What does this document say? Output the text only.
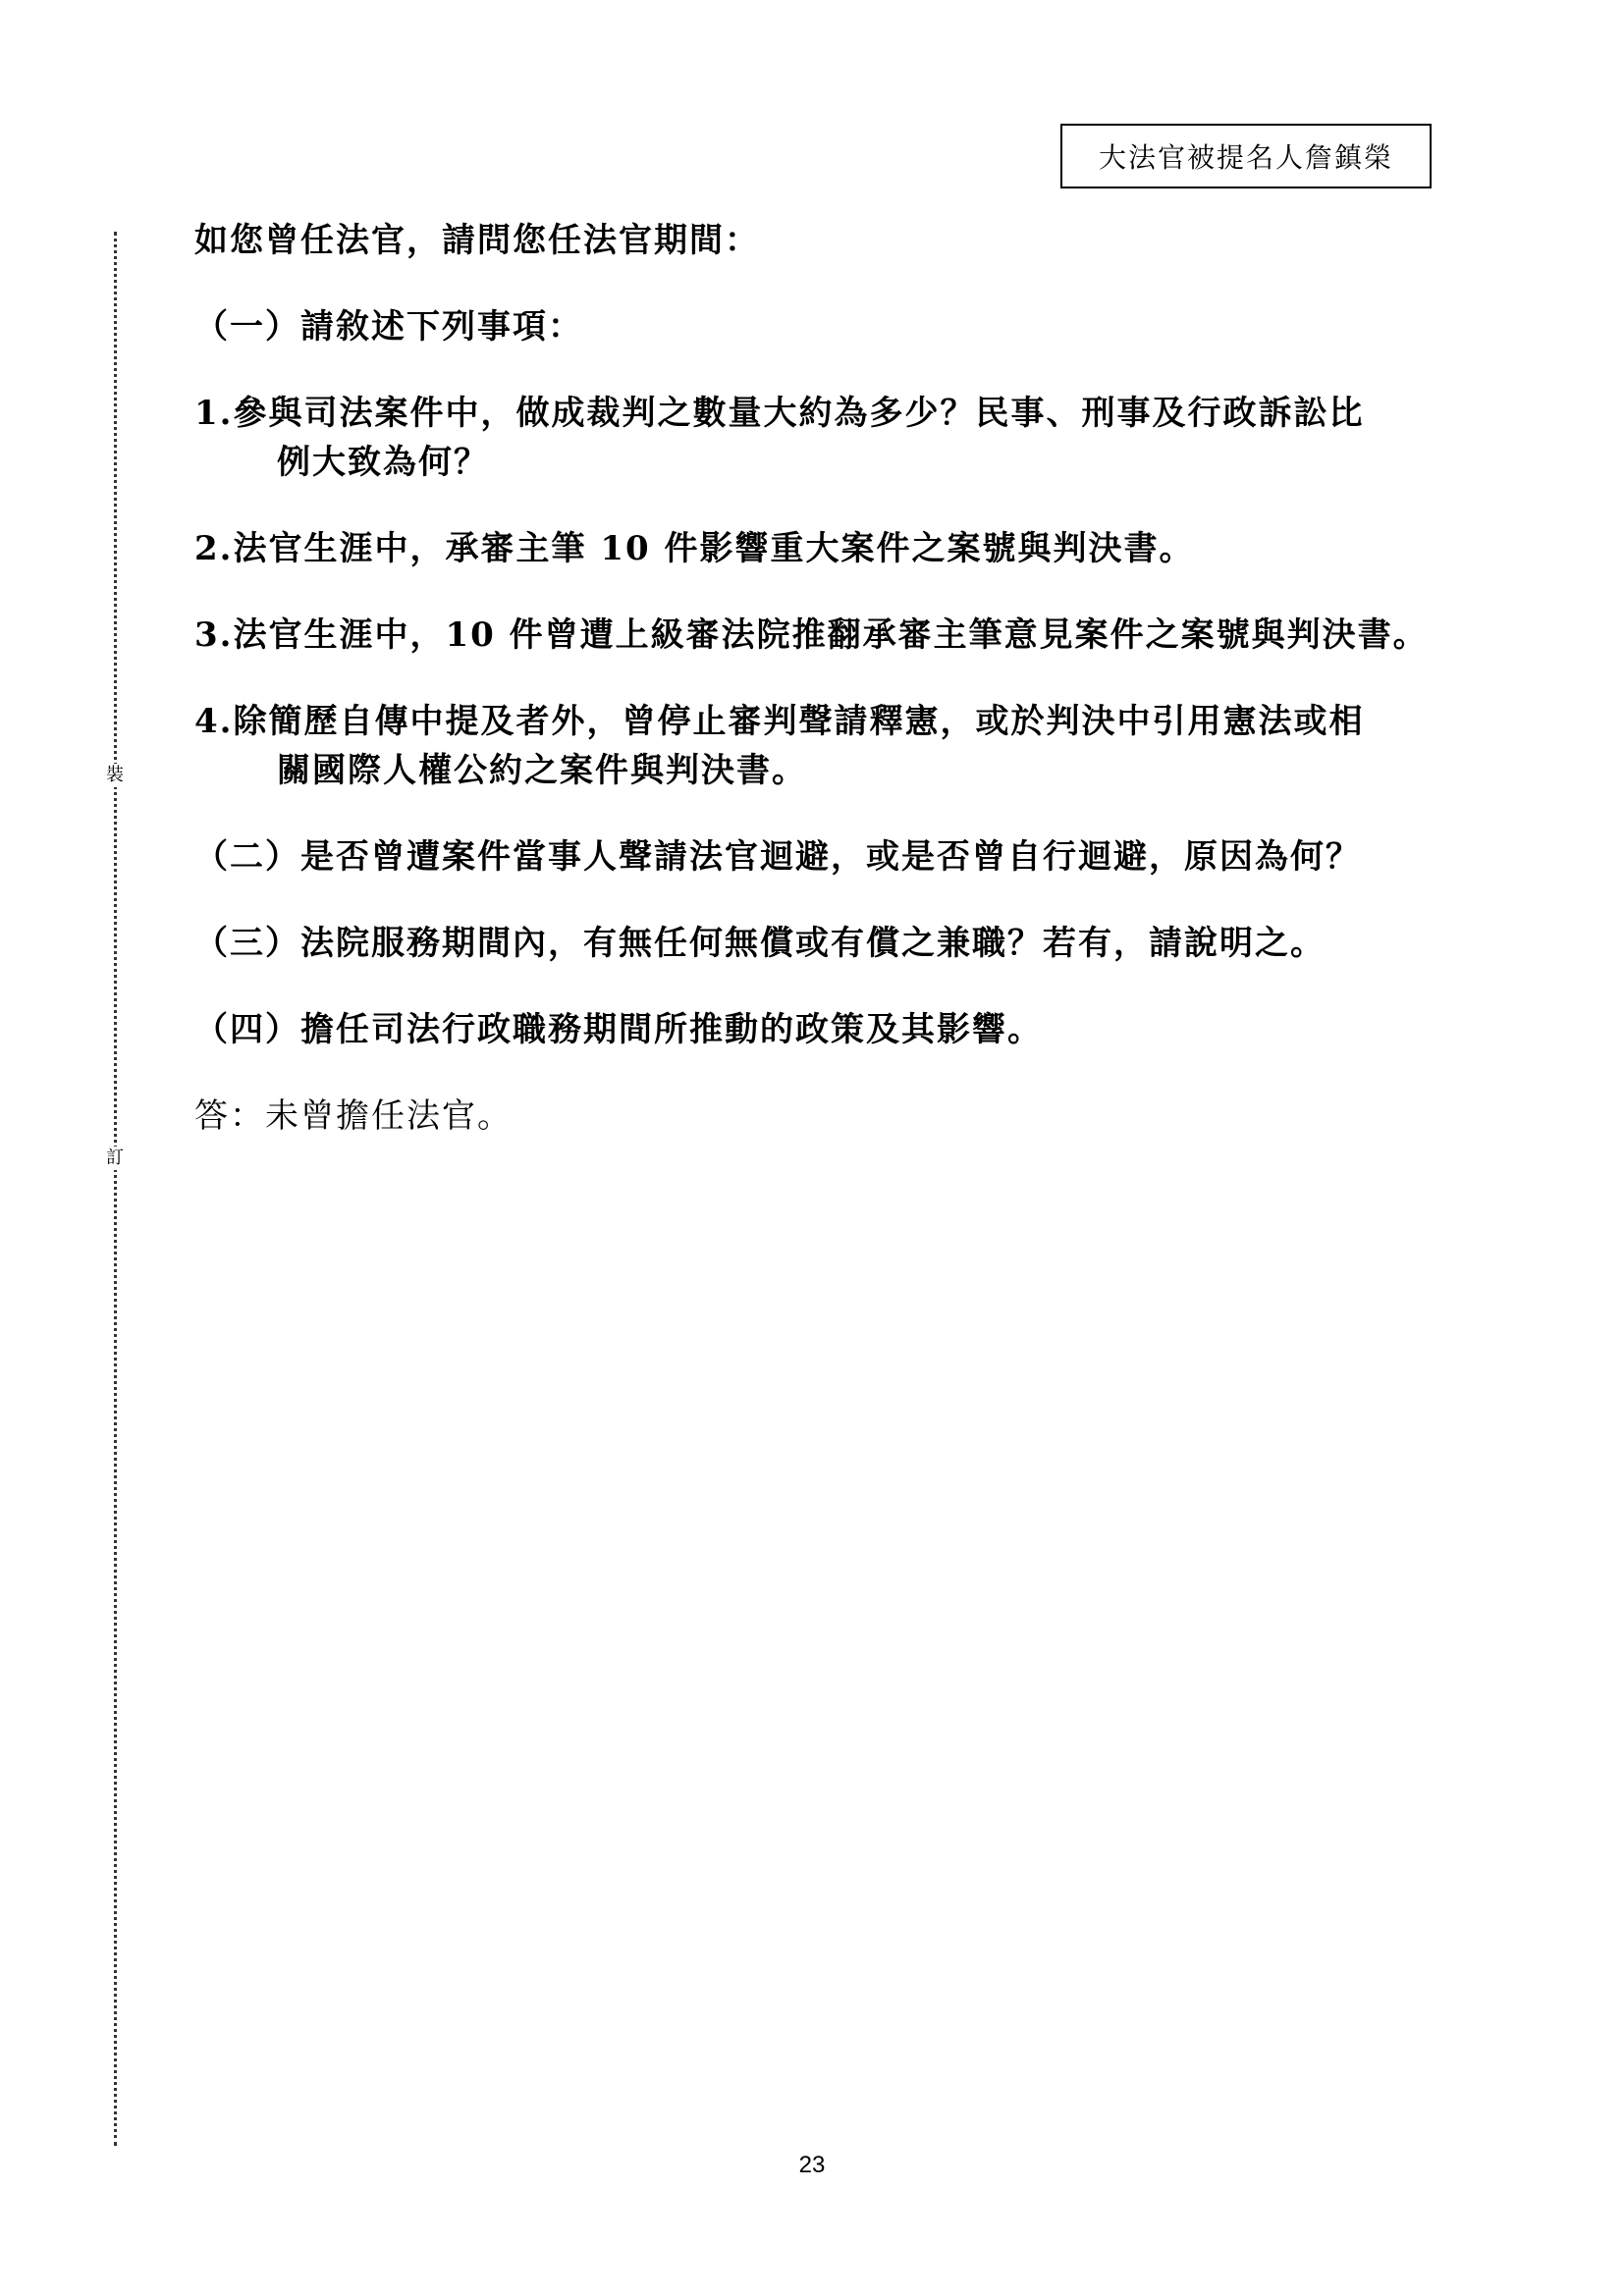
裝
訂
大法官被提名人詹鎮榮

如您曾任法官，請問您任法官期間：

（一）請敘述下列事項：

1.參與司法案件中，做成裁判之數量大約為多少？民事、刑事及行政訴訟比
例大致為何？

2.法官生涯中，承審主筆 10 件影響重大案件之案號與判決書。

3.法官生涯中，10 件曾遭上級審法院推翻承審主筆意見案件之案號與判決書。

4.除簡歷自傳中提及者外，曾停止審判聲請釋憲，或於判決中引用憲法或相
關國際人權公約之案件與判決書。

（二）是否曾遭案件當事人聲請法官迴避，或是否曾自行迴避，原因為何？

（三）法院服務期間內，有無任何無償或有償之兼職？若有，請說明之。

（四）擔任司法行政職務期間所推動的政策及其影響。

答：未曾擔任法官。

23
